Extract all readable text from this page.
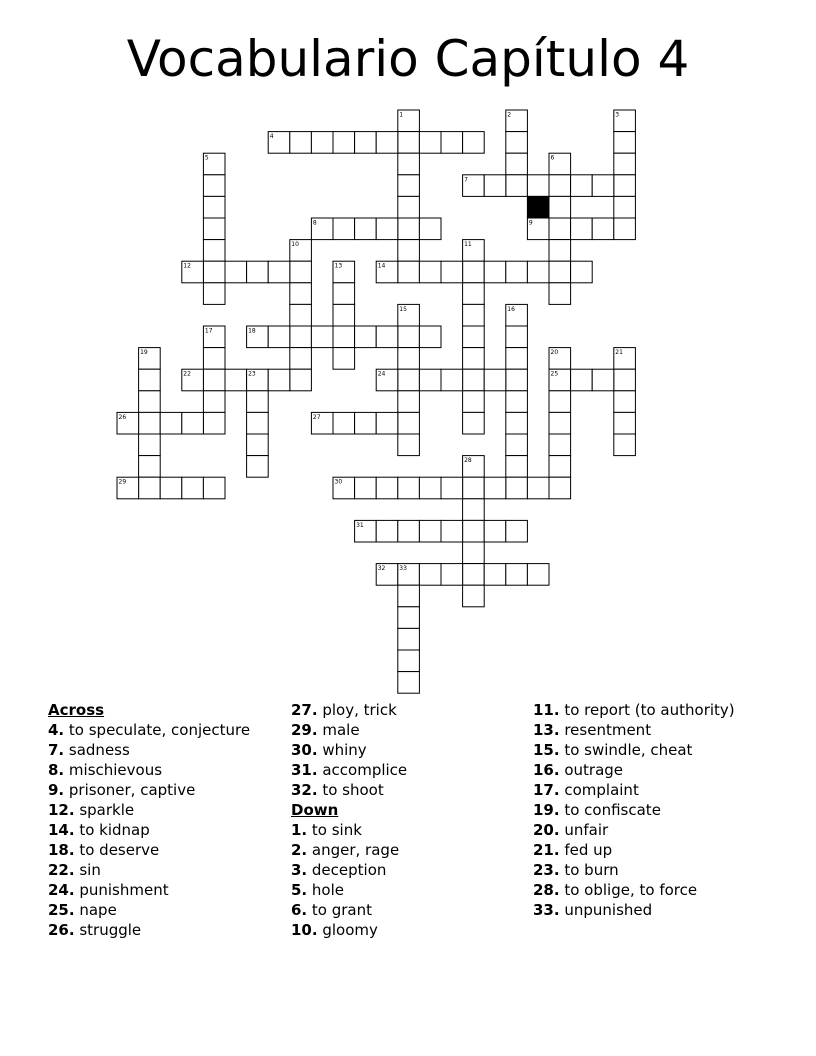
Vocabulario Capítulo 4
1	2	3
4
5	6
7
8	9
10	11
12	13	14
15	16
17	18
19	20	21
22	23	24	25
26	27
28
29	30
31
32 33
Across
4. to speculate, conjecture
7. sadness
8. mischievous
9. prisoner, captive
12. sparkle
14. to kidnap
18. to deserve
22. sin
24. punishment
25. nape
26. struggle
27. ploy, trick
29. male
30. whiny
31. accomplice
32. to shoot
Down
1. to sink
2. anger, rage
3. deception
5. hole
6. to grant
10. gloomy
11. to report (to authority)
13. resentment
15. to swindle, cheat
16. outrage
17. complaint
19. to confiscate
20. unfair
21. fed up
23. to burn
28. to oblige, to force
33. unpunished
